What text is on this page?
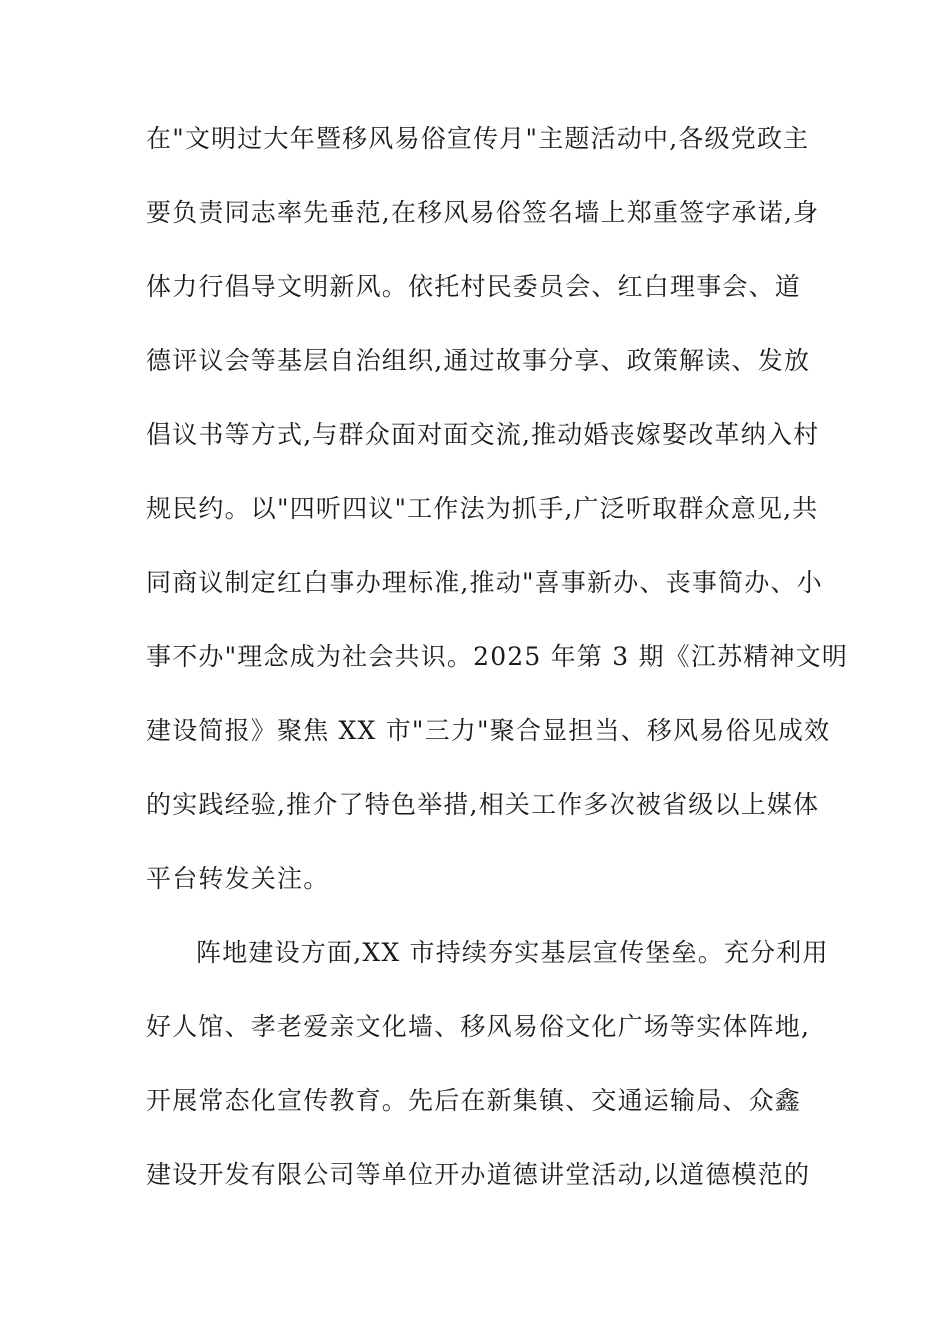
在"文明过大年暨移风易俗宣传月"主题活动中,各级党政主
要负责同志率先垂范,在移风易俗签名墙上郑重签字承诺,身
体力行倡导文明新风。依托村民委员会、红白理事会、道
德评议会等基层自治组织,通过故事分享、政策解读、发放
倡议书等方式,与群众面对面交流,推动婚丧嫁娶改革纳入村
规民约。以"四听四议"工作法为抓手,广泛听取群众意见,共
同商议制定红白事办理标准,推动"喜事新办、丧事简办、小
事不办"理念成为社会共识。2025 年第 3 期《江苏精神文明
建设简报》聚焦 XX 市"三力"聚合显担当、移风易俗见成效
的实践经验,推介了特色举措,相关工作多次被省级以上媒体
平台转发关注。
阵地建设方面,XX 市持续夯实基层宣传堡垒。充分利用
好人馆、孝老爱亲文化墙、移风易俗文化广场等实体阵地,
开展常态化宣传教育。先后在新集镇、交通运输局、众鑫
建设开发有限公司等单位开办道德讲堂活动,以道德模范的
